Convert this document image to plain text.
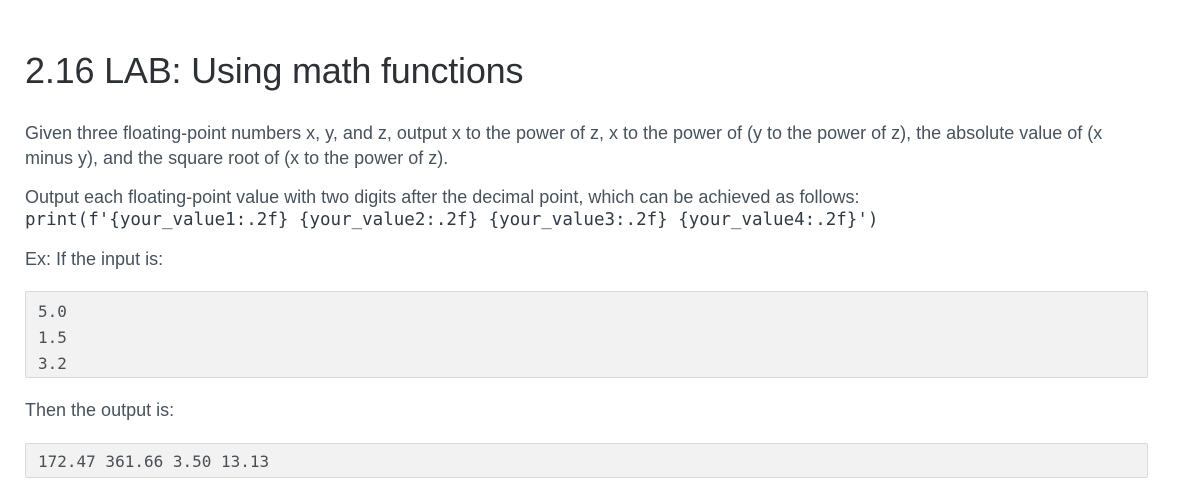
2.16 LAB: Using math functions
Given three floating-point numbers x, y, and z, output x to the power of z, x to the power of (y to the power of z), the absolute value of (x
minus y), and the square root of (x to the power of z).
Output each floating-point value with two digits after the decimal point, which can be achieved as follows:
print(f'{your_value1:.2f} {your_value2:.2f} {your_value3:.2f} {your_value4:.2f}')
Ex: If the input is:
5.0
1.5
3.2
Then the output is:
172.47 361.66 3.50 13.13
